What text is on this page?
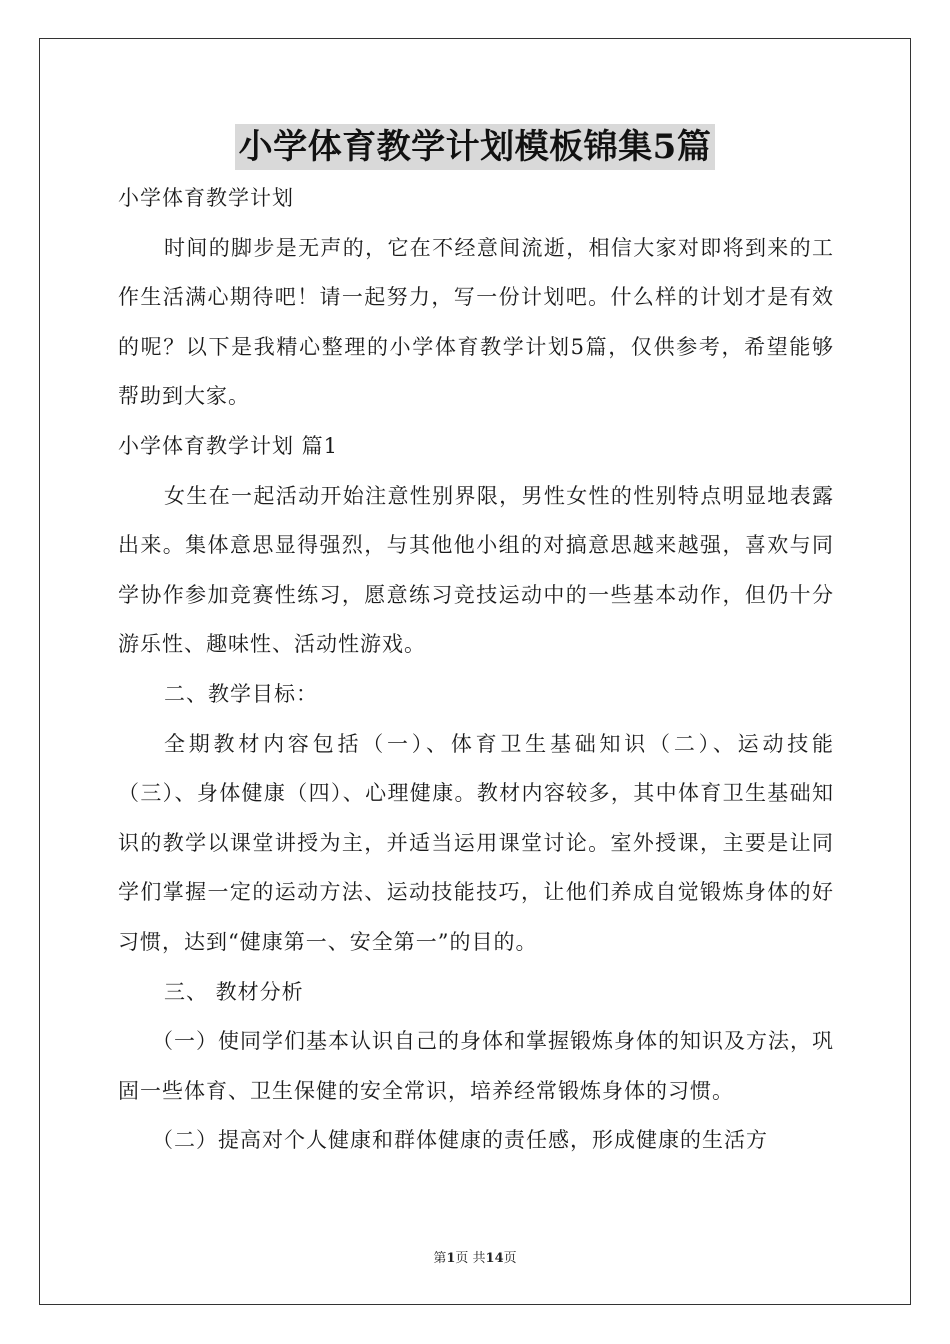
小学体育教学计划模板锦集5篇

小学体育教学计划

时间的脚步是无声的，它在不经意间流逝，相信大家对即将到来的工作生活满心期待吧！请一起努力，写一份计划吧。什么样的计划才是有效的呢？以下是我精心整理的小学体育教学计划5篇，仅供参考，希望能够帮助到大家。

小学体育教学计划 篇1

女生在一起活动开始注意性别界限，男性女性的性别特点明显地表露出来。集体意思显得强烈，与其他他小组的对搞意思越来越强，喜欢与同学协作参加竞赛性练习，愿意练习竞技运动中的一些基本动作，但仍十分游乐性、趣味性、活动性游戏。

二、教学目标：

全期教材内容包括（一）、体育卫生基础知识（二）、运动技能（三）、身体健康（四）、心理健康。教材内容较多，其中体育卫生基础知识的教学以课堂讲授为主，并适当运用课堂讨论。室外授课，主要是让同学们掌握一定的运动方法、运动技能技巧，让他们养成自觉锻炼身体的好习惯，达到“健康第一、安全第一”的目的。

三、 教材分析

（一）使同学们基本认识自己的身体和掌握锻炼身体的知识及方法，巩固一些体育、卫生保健的安全常识，培养经常锻炼身体的习惯。

（二）提高对个人健康和群体健康的责任感，形成健康的生活方

第1页 共14页
